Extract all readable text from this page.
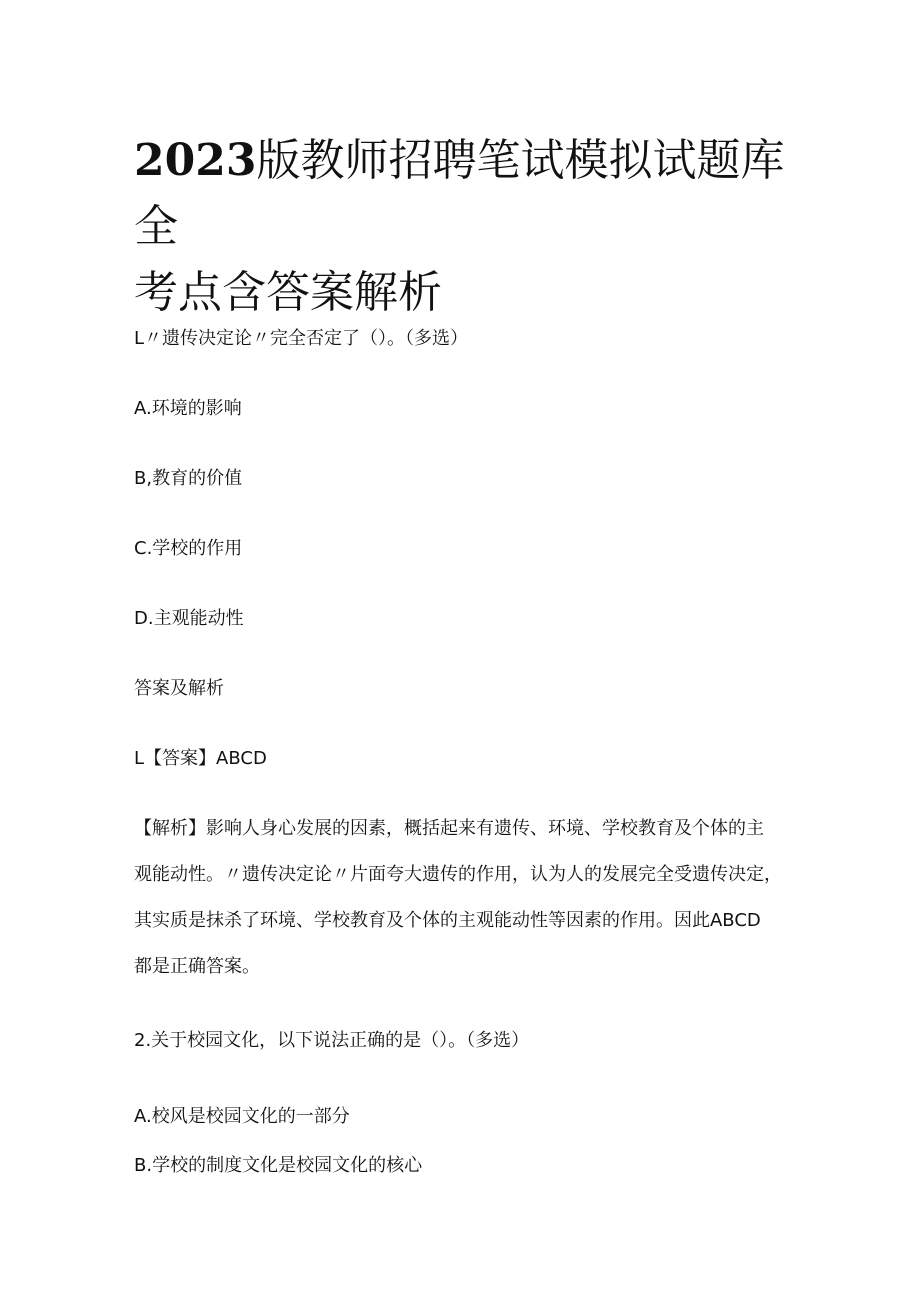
2023版教师招聘笔试模拟试题库全
考点含答案解析

L〃遗传决定论〃完全否定了（）。（多选）

A.环境的影响

B,教育的价值

C.学校的作用

D.主观能动性

答案及解析

L【答案】ABCD

【解析】影响人身心发展的因素，概括起来有遗传、环境、学校教育及个体的主
观能动性。〃遗传决定论〃片面夸大遗传的作用，认为人的发展完全受遗传决定，
其实质是抹杀了环境、学校教育及个体的主观能动性等因素的作用。因此ABCD
都是正确答案。

2.关于校园文化，以下说法正确的是（）。（多选）

A.校风是校园文化的一部分

B.学校的制度文化是校园文化的核心
